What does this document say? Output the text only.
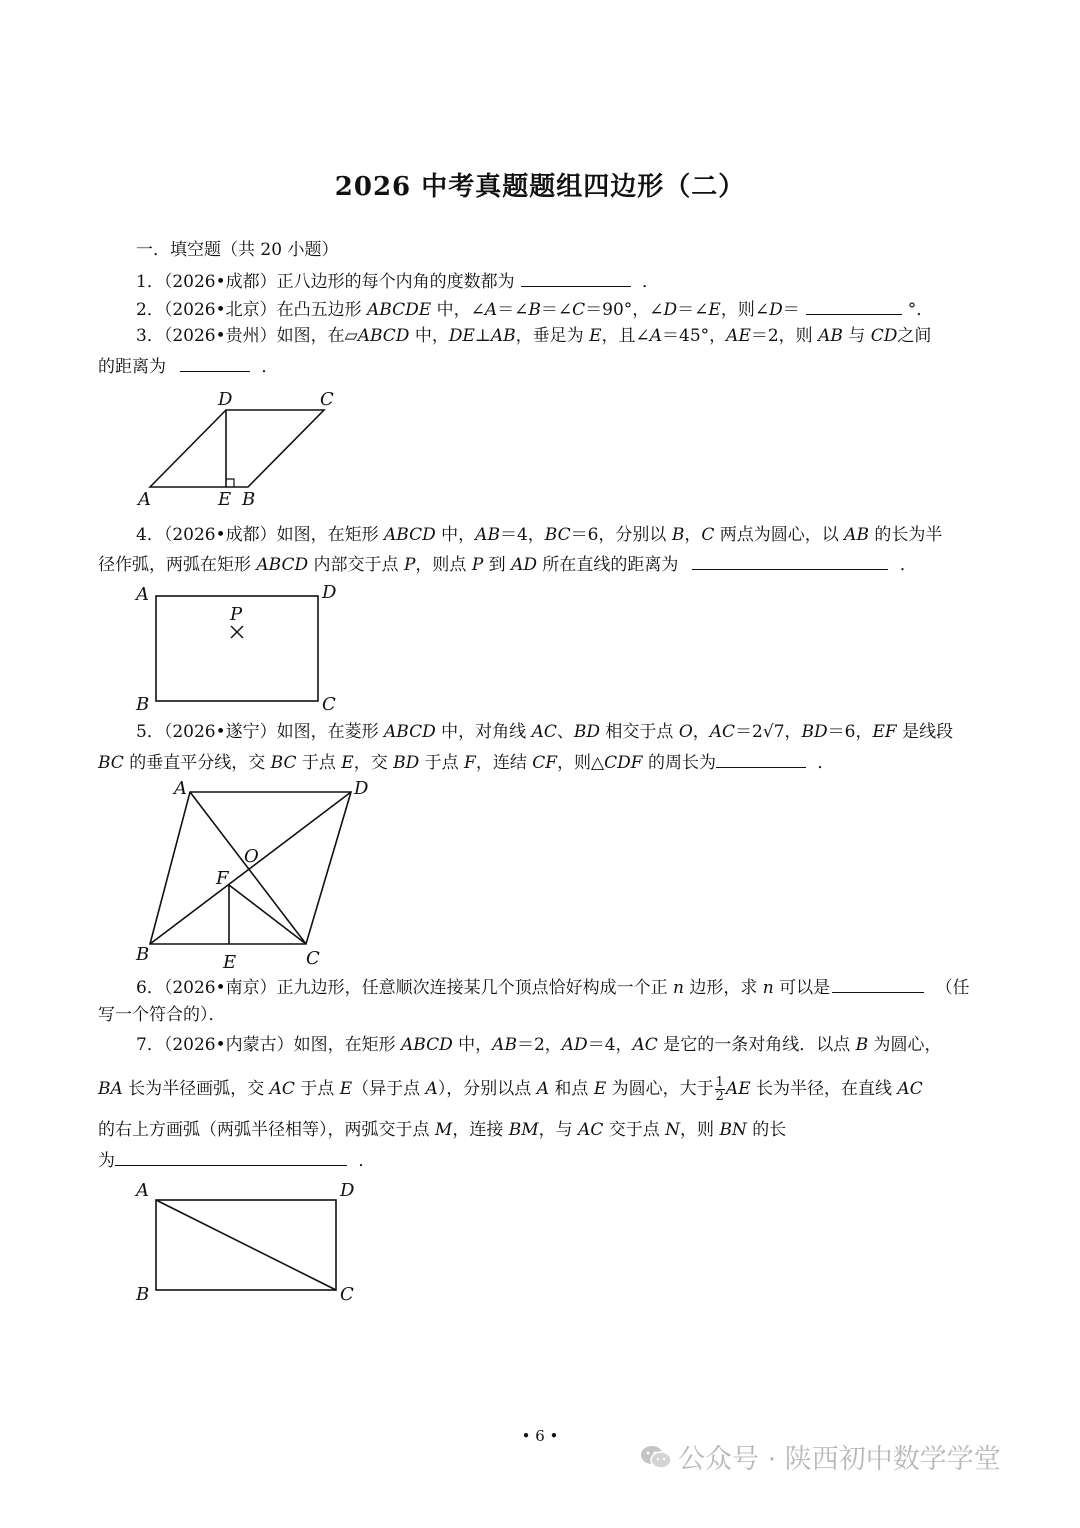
2026 中考真题题组四边形（二）
一．填空题（共 20 小题）
1．（2026•成都）正八边形的每个内角的度数都为	．
2．（2026•北京）在凸五边形 ABCDE 中，∠A＝∠B＝∠C＝90°，∠D＝∠E，则∠D＝	°．
3．（2026•贵州）如图，在▱ABCD 中，DE⊥AB，垂足为 E，且∠A＝45°，AE＝2，则 AB 与 CD之间
的距离为	．
A	E B
D	C
4．（2026•成都）如图，在矩形 ABCD 中，AB＝4，BC＝6，分别以 B，C 两点为圆心，以 AB 的长为半
径作弧，两弧在矩形 ABCD 内部交于点 P，则点 P 到 AD 所在直线的距离为	．
A	D
P
B	C
5．（2026•遂宁）如图，在菱形 ABCD 中，对角线 AC、BD 相交于点 O，AC＝2√7，BD＝6，EF 是线段
BC 的垂直平分线，交 BC 于点 E，交 BD 于点 F，连结 CF，则△CDF 的周长为	．
A	D
O
F
B	E	C
6．（2026•南京）正九边形，任意顺次连接某几个顶点恰好构成一个正 n 边形，求 n 可以是	（任
写一个符合的）．
7．（2026•内蒙古）如图，在矩形 ABCD 中，AB＝2，AD＝4，AC 是它的一条对角线．以点 B 为圆心，
BA 长为半径画弧，交 AC 于点 E（异于点 A），分别以点 A 和点 E 为圆心，大于 $\frac{1}{2}$ AE 长为半径，在直线 AC
的右上方画弧（两弧半径相等），两弧交于点 M，连接 BM，与 AC 交于点 N，则 BN 的长
为	．
A	D
B	C
• 6 •
公众号 · 陕西初中数学学堂
